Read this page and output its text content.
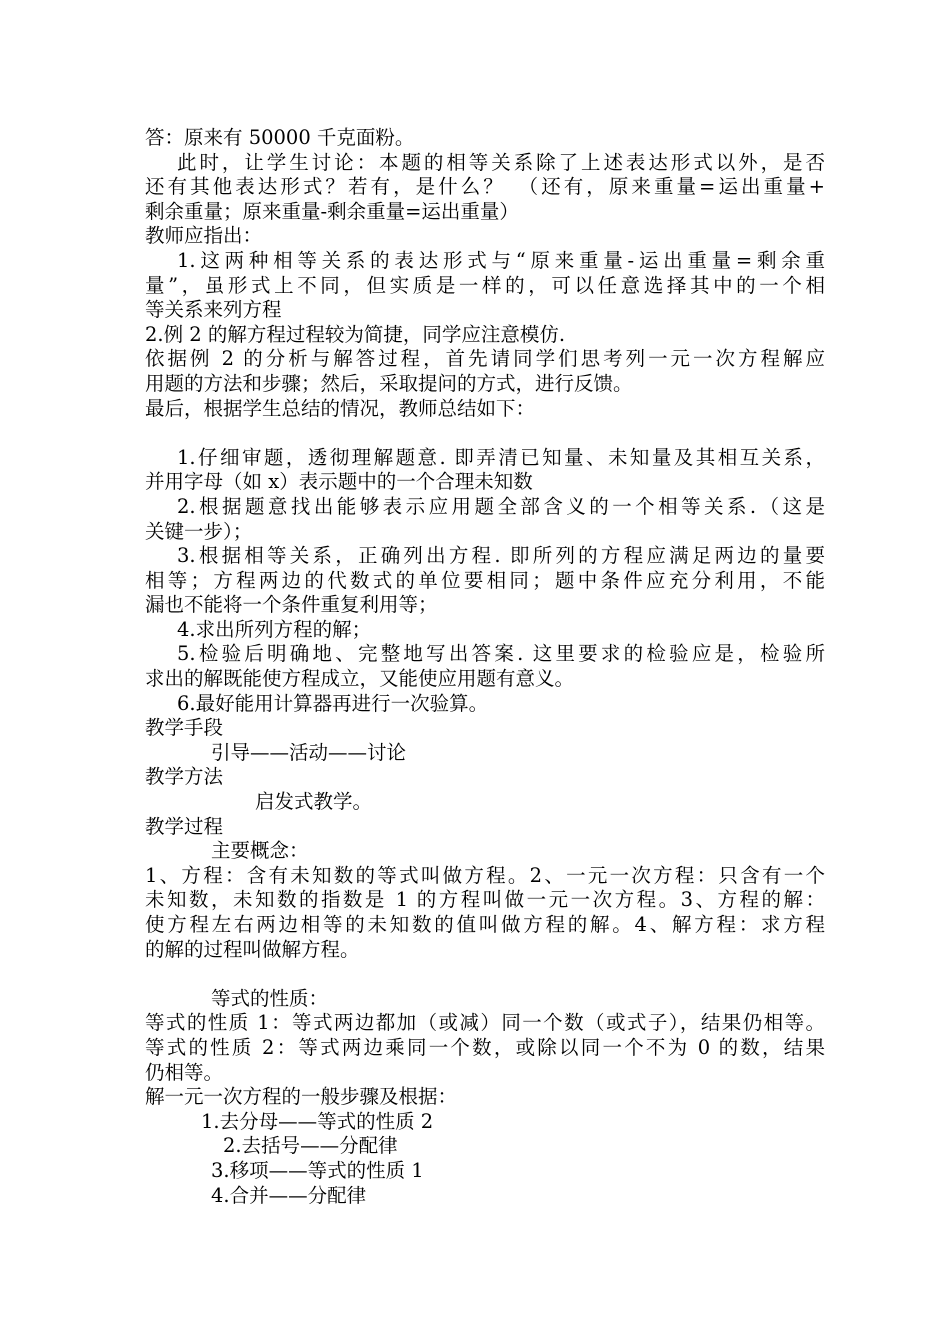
答：原来有 50000 千克面粉。
此时，让学生讨论：本题的相等关系除了上述表达形式以外，是否
还有其他表达形式？若有，是什么？　（还有，原来重量=运出重量+
剩余重量；原来重量-剩余重量=运出重量）
教师应指出：
1.这两种相等关系的表达形式与“原来重量-运出重量=剩余重
量”，虽形式上不同，但实质是一样的，可以任意选择其中的一个相
等关系来列方程
2.例 2 的解方程过程较为简捷，同学应注意模仿.
依据例 2 的分析与解答过程，首先请同学们思考列一元一次方程解应
用题的方法和步骤；然后，采取提问的方式，进行反馈。
最后，根据学生总结的情况，教师总结如下：
1.仔细审题，透彻理解题意. 即弄清已知量、未知量及其相互关系，
并用字母（如 x）表示题中的一个合理未知数
2.根据题意找出能够表示应用题全部含义的一个相等关系.（这是
关键一步）；
3.根据相等关系，正确列出方程. 即所列的方程应满足两边的量要
相等；方程两边的代数式的单位要相同；题中条件应充分利用，不能
漏也不能将一个条件重复利用等；
4.求出所列方程的解；
5.检验后明确地、完整地写出答案. 这里要求的检验应是，检验所
求出的解既能使方程成立，又能使应用题有意义。
6.最好能用计算器再进行一次验算。
教学手段
引导——活动——讨论
教学方法
启发式教学。
教学过程
主要概念：
1、方程：含有未知数的等式叫做方程。2、一元一次方程：只含有一个
未知数，未知数的指数是 1 的方程叫做一元一次方程。3、方程的解：
使方程左右两边相等的未知数的值叫做方程的解。4、解方程：求方程
的解的过程叫做解方程。
等式的性质：
等式的性质 1：等式两边都加（或减）同一个数（或式子），结果仍相等。
等式的性质 2：等式两边乘同一个数，或除以同一个不为 0 的数，结果
仍相等。
解一元一次方程的一般步骤及根据：
1.去分母——等式的性质 2
2.去括号——分配律
3.移项——等式的性质 1
4.合并——分配律
